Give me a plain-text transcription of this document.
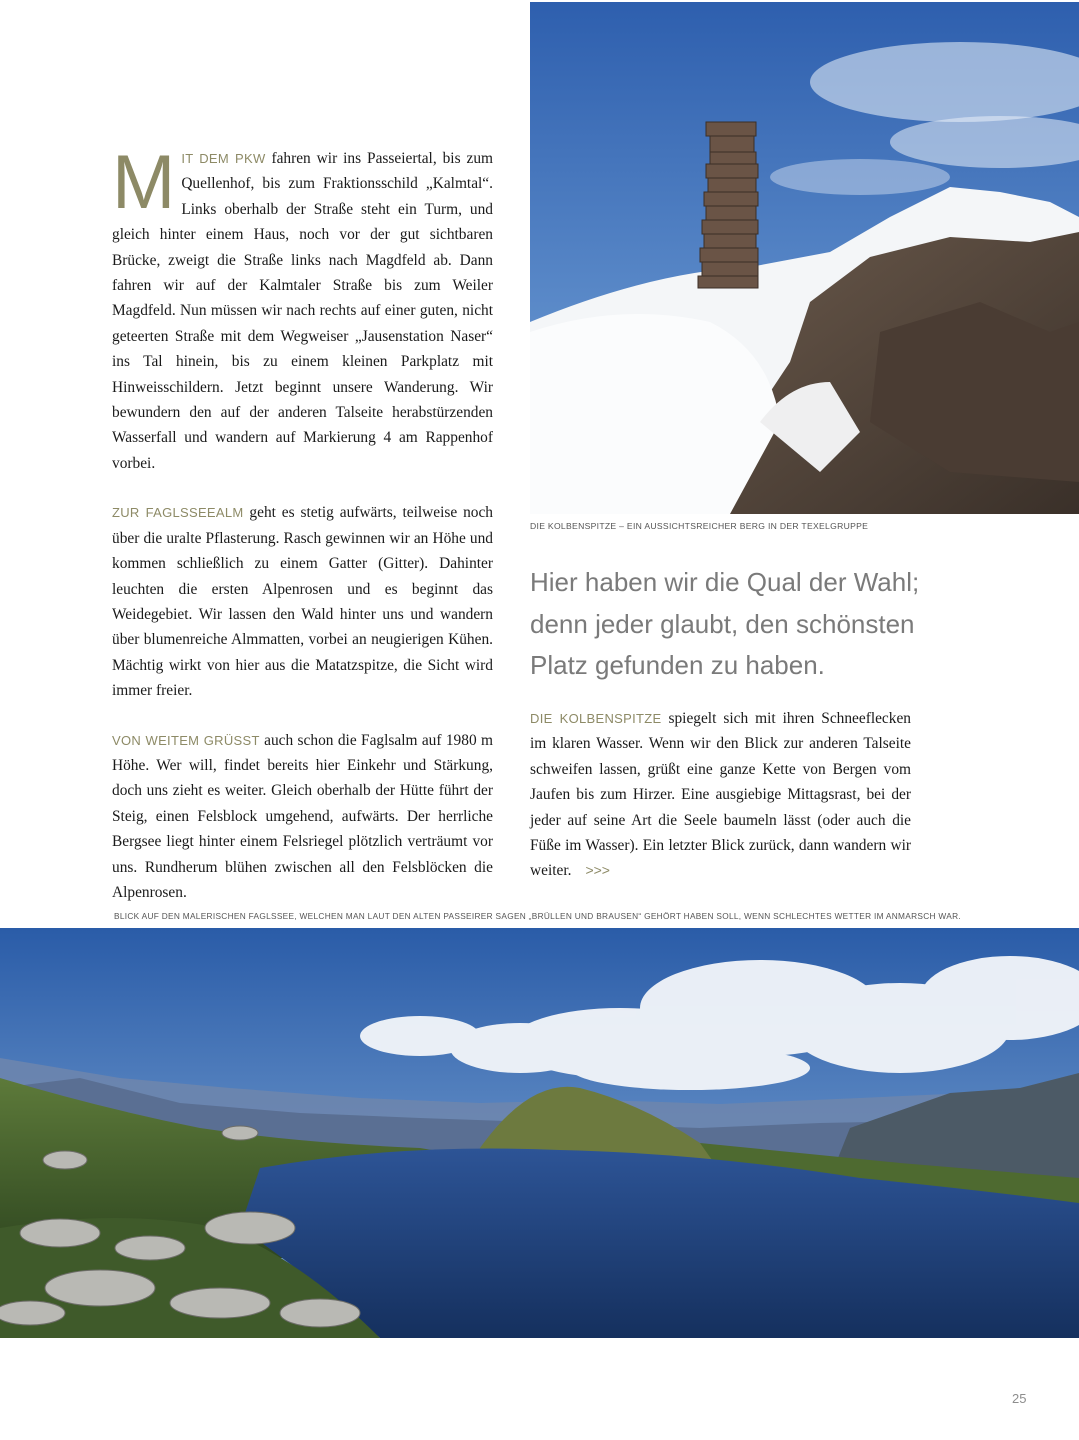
MIT DEM PKW fahren wir ins Passeiertal, bis zum Quellenhof, bis zum Fraktionsschild „Kalmtal“. Links oberhalb der Straße steht ein Turm, und gleich hinter einem Haus, noch vor der gut sichtbaren Brücke, zweigt die Straße links nach Magdfeld ab. Dann fahren wir auf der Kalmtaler Straße bis zum Weiler Magdfeld. Nun müssen wir nach rechts auf einer guten, nicht geteerten Straße mit dem Wegweiser „Jausenstation Naser“ ins Tal hinein, bis zu einem kleinen Parkplatz mit Hinweisschildern. Jetzt beginnt unsere Wanderung. Wir bewundern den auf der anderen Talseite herabstürzenden Wasserfall und wandern auf Markierung 4 am Rappenhof vorbei.

ZUR FAGLSSEEALM geht es stetig aufwärts, teilweise noch über die uralte Pflasterung. Rasch gewinnen wir an Höhe und kommen schließlich zu einem Gatter (Gitter). Dahinter leuchten die ersten Alpenrosen und es beginnt das Weidegebiet. Wir lassen den Wald hinter uns und wandern über blumenreiche Almmatten, vorbei an neugierigen Kühen. Mächtig wirkt von hier aus die Matatzspitze, die Sicht wird immer freier.

VON WEITEM GRÜSST auch schon die Faglsalm auf 1980 m Höhe. Wer will, findet bereits hier Einkehr und Stärkung, doch uns zieht es weiter. Gleich oberhalb der Hütte führt der Steig, einen Felsblock umgehend, aufwärts. Der herrliche Bergsee liegt hinter einem Felsriegel plötzlich verträumt vor uns. Rundherum blühen zwischen all den Felsblöcken die Alpenrosen.

DIE KOLBENSPITZE – EIN AUSSICHTSREICHER BERG IN DER TEXELGRUPPE
Hier haben wir die Qual der Wahl;
denn jeder glaubt, den schönsten
Platz gefunden zu haben.

DIE KOLBENSPITZE spiegelt sich mit ihren Schneeflecken im klaren Wasser. Wenn wir den Blick zur anderen Talseite schweifen lassen, grüßt eine ganze Kette von Bergen vom Jaufen bis zum Hirzer. Eine ausgiebige Mittagsrast, bei der jeder auf seine Art die Seele baumeln lässt (oder auch die Füße im Wasser). Ein letzter Blick zurück, dann wandern wir weiter. >>>

BLICK AUF DEN MALERISCHEN FAGLSSEE, WELCHEN MAN LAUT DEN ALTEN PASSEIRER SAGEN „BRÜLLEN UND BRAUSEN“ GEHÖRT HABEN SOLL, WENN SCHLECHTES WETTER IM ANMARSCH WAR.
25
